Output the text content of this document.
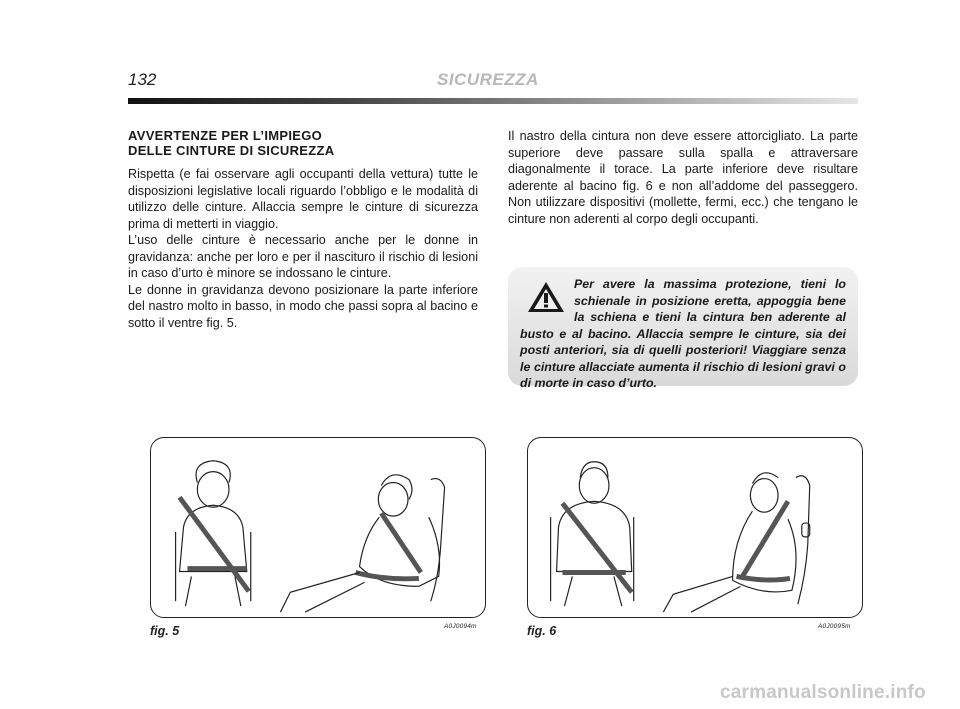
132	SICUREZZA
AVVERTENZE PER L’IMPIEGO
DELLE CINTURE DI SICUREZZA

Rispetta (e fai osservare agli occupanti della vettura) tutte le disposizioni legislative locali riguardo l’obbligo e le modalità di utilizzo delle cinture. Allaccia sempre le cinture di sicurezza prima di metterti in viaggio.

L’uso delle cinture è necessario anche per le donne in gravidanza: anche per loro e per il nascituro il rischio di lesioni in caso d’urto è minore se indossano le cinture.

Le donne in gravidanza devono posizionare la parte inferiore del nastro molto in basso, in modo che passi sopra al bacino e sotto il ventre fig. 5.

Il nastro della cintura non deve essere attorcigliato. La parte superiore deve passare sulla spalla e attraversare diagonalmente il torace. La parte inferiore deve risultare aderente al bacino fig. 6 e non all’addome del passeggero. Non utilizzare dispositivi (mollette, fermi, ecc.) che tengano le cinture non aderenti al corpo degli occupanti.

Per avere la massima protezione, tieni lo schienale in posizione eretta, appoggia bene la schiena e tieni la cintura ben aderente al busto e al bacino. Allaccia sempre le cinture, sia dei posti anteriori, sia di quelli posteriori! Viaggiare senza le cinture allacciate aumenta il rischio di lesioni gravi o di morte in caso d’urto.
fig. 5	A0J0094m	fig. 6	A0J0095m
carmanualsonline.info
